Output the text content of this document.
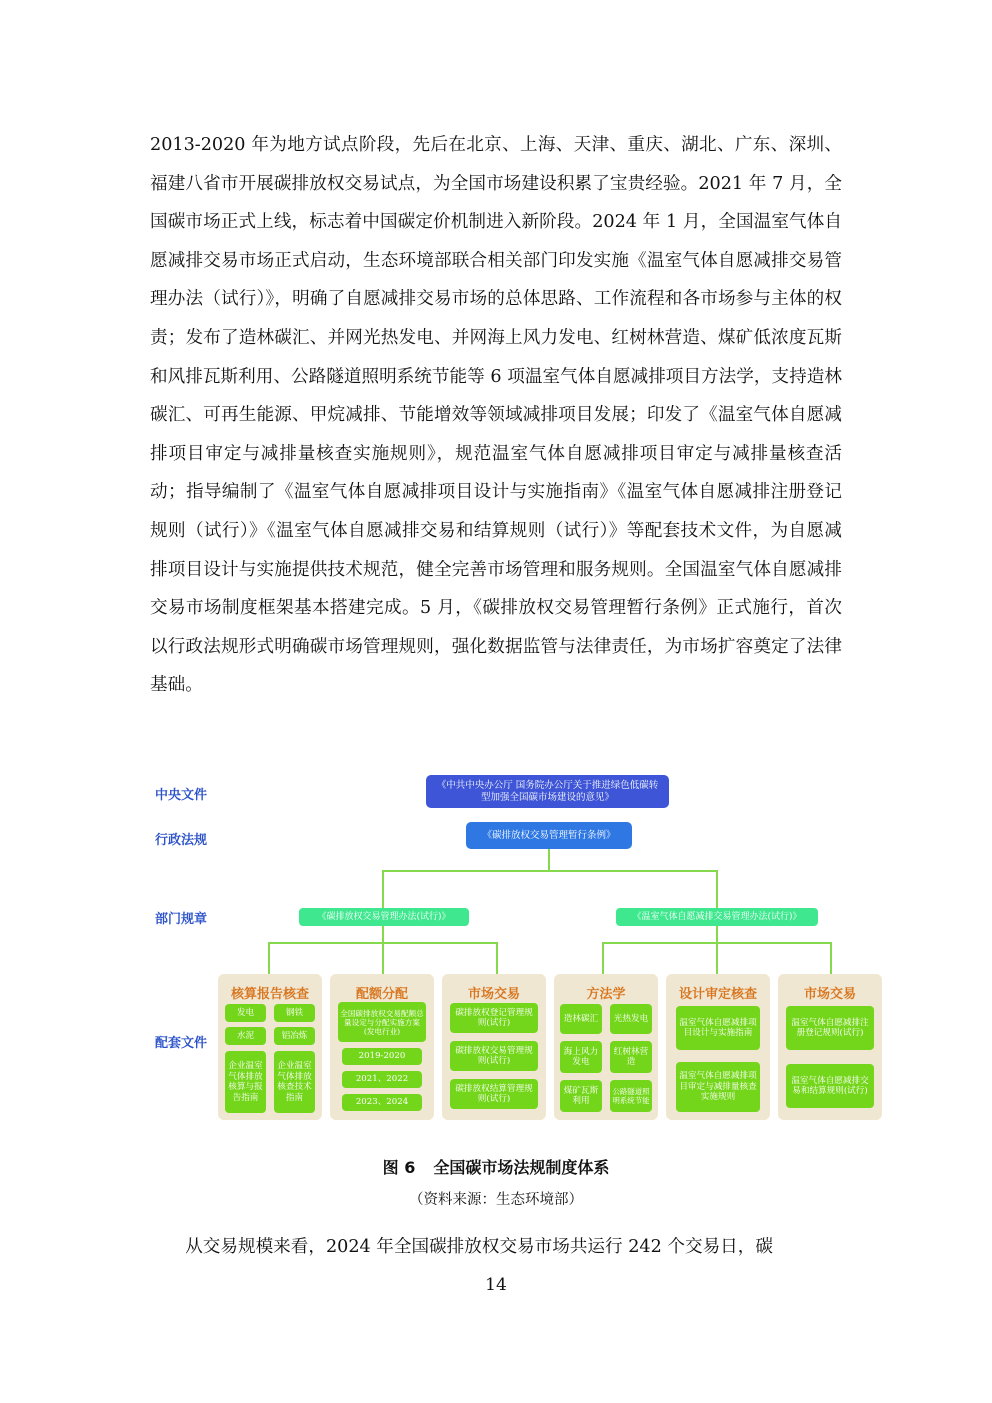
2013-2020 年为地方试点阶段，先后在北京、上海、天津、重庆、湖北、广东、深圳、福建八省市开展碳排放权交易试点，为全国市场建设积累了宝贵经验。2021 年 7 月，全国碳市场正式上线，标志着中国碳定价机制进入新阶段。2024 年 1 月，全国温室气体自愿减排交易市场正式启动，生态环境部联合相关部门印发实施《温室气体自愿减排交易管理办法（试行）》，明确了自愿减排交易市场的总体思路、工作流程和各市场参与主体的权责；发布了造林碳汇、并网光热发电、并网海上风力发电、红树林营造、煤矿低浓度瓦斯和风排瓦斯利用、公路隧道照明系统节能等 6 项温室气体自愿减排项目方法学，支持造林碳汇、可再生能源、甲烷减排、节能增效等领域减排项目发展；印发了《温室气体自愿减排项目审定与减排量核查实施规则》，规范温室气体自愿减排项目审定与减排量核查活动；指导编制了《温室气体自愿减排项目设计与实施指南》《温室气体自愿减排注册登记规则（试行）》《温室气体自愿减排交易和结算规则（试行）》等配套技术文件，为自愿减排项目设计与实施提供技术规范，健全完善市场管理和服务规则。全国温室气体自愿减排交易市场制度框架基本搭建完成。5 月，《碳排放权交易管理暂行条例》正式施行，首次以行政法规形式明确碳市场管理规则，强化数据监管与法律责任，为市场扩容奠定了法律基础。

中央文件
行政法规
部门规章
配套文件
《中共中央办公厅 国务院办公厅关于推进绿色低碳转型加强全国碳市场建设的意见》
《碳排放权交易管理暂行条例》
《碳排放权交易管理办法(试行)》	《温室气体自愿减排交易管理办法(试行)》
核算报告核查
发电	钢铁
水泥	铝冶炼
企业温室气体排放核算与报告指南
企业温室气体排放核查技术指南
配额分配
全国碳排放权交易配额总量设定与分配实施方案(发电行业)
2019-2020
2021、2022
2023、2024
市场交易
碳排放权登记管理规则(试行)
碳排放权交易管理规则(试行)
碳排放权结算管理规则(试行)
方法学
造林碳汇	光热发电
海上风力发电
红树林营造
煤矿瓦斯利用
公路隧道照明系统节能
设计审定核查
温室气体自愿减排项目设计与实施指南
温室气体自愿减排项目审定与减排量核查实施规则
市场交易
温室气体自愿减排注册登记规则(试行)
温室气体自愿减排交易和结算规则(试行)
图 6 全国碳市场法规制度体系
（资料来源：生态环境部）

从交易规模来看，2024 年全国碳排放权交易市场共运行 242 个交易日，碳

14
